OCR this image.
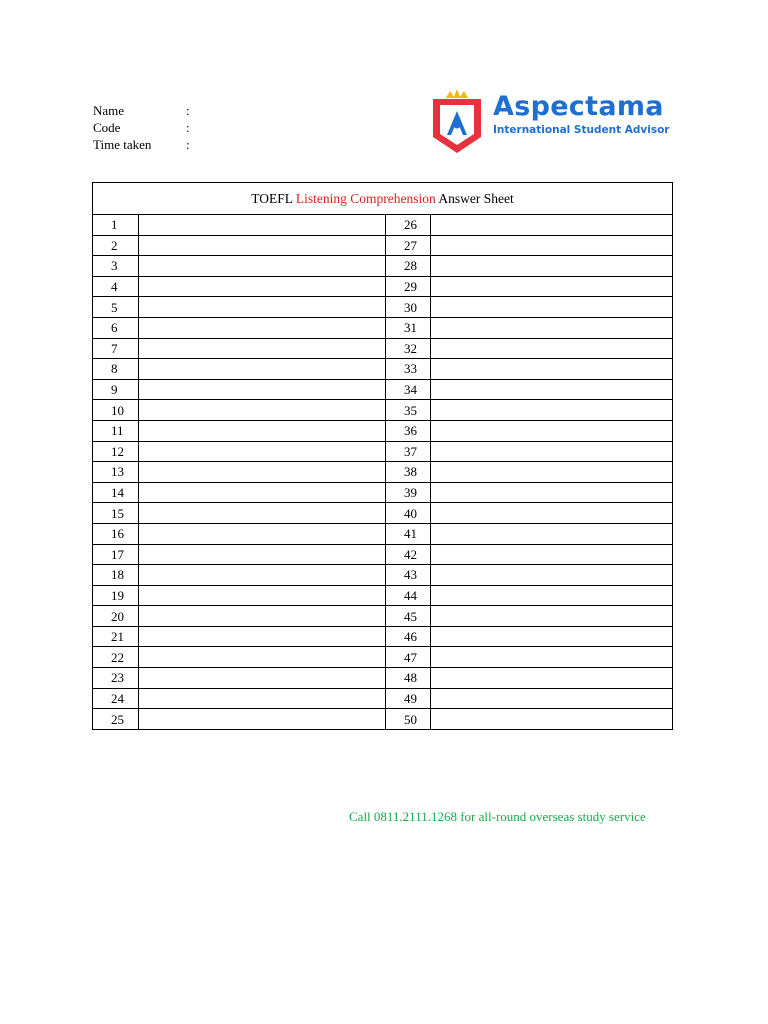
Name	:
Code	:
Time taken	:
Aspectama
International Student Advisor
TOEFL Listening Comprehension Answer Sheet			
1		26	
2		27	
3		28	
4		29	
5		30	
6		31	
7		32	
8		33	
9		34	
10		35	
11		36	
12		37	
13		38	
14		39	
15		40	
16		41	
17		42	
18		43	
19		44	
20		45	
21		46	
22		47	
23		48	
24		49	
25		50	
Call 0811.2111.1268 for all-round overseas study service
